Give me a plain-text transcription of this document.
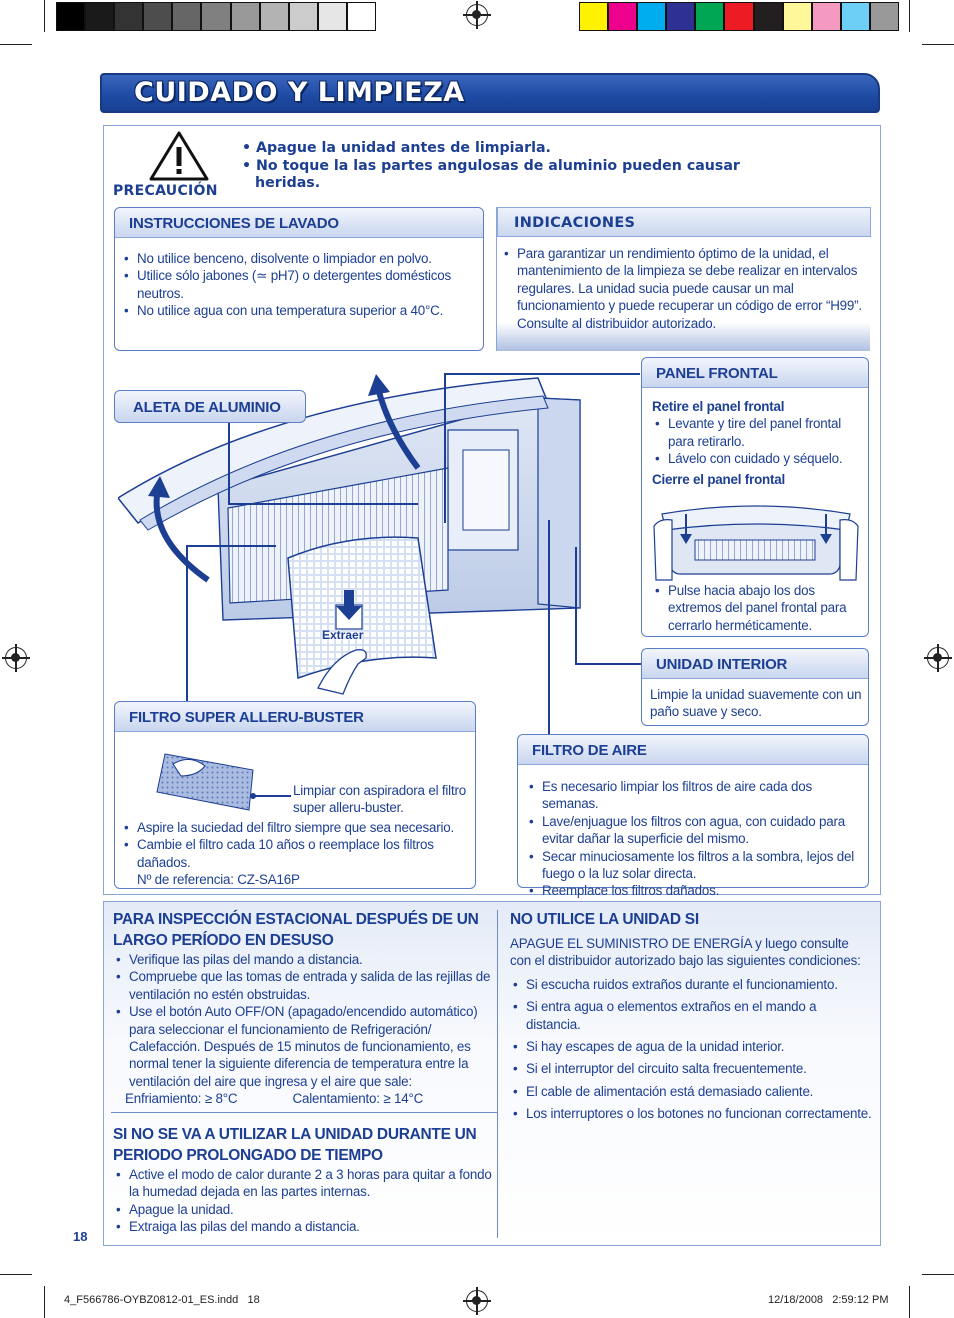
CUIDADO Y LIMPIEZA
PRECAUCIÓN
• Apague la unidad antes de limpiarla.
• No toque la las partes angulosas de aluminio pueden causar
heridas.
INSTRUCCIONES DE LAVADO
• No utilice benceno, disolvente o limpiador en polvo.
• Utilice sólo jabones (≃ pH7) o detergentes domésticos neutros.
• No utilice agua con una temperatura superior a 40°C.
INDICACIONES
• Para garantizar un rendimiento óptimo de la unidad, el mantenimiento de la limpieza se debe realizar en intervalos regulares. La unidad sucia puede causar un mal funcionamiento y puede recuperar un código de error “H99”. Consulte al distribuidor autorizado.
Extraer
ALETA DE ALUMINIO
PANEL FRONTAL
Retire el panel frontal
• Levante y tire del panel frontal para retirarlo.
• Lávelo con cuidado y séquelo.
Cierre el panel frontal
• Pulse hacia abajo los dos extremos del panel frontal para cerrarlo herméticamente.
UNIDAD INTERIOR
Limpie la unidad suavemente con un paño suave y seco.
FILTRO SUPER ALLERU-BUSTER
Limpiar con aspiradora el filtro super alleru-buster.
• Aspire la suciedad del filtro siempre que sea necesario.
• Cambie el filtro cada 10 años o reemplace los filtros dañados.
Nº de referencia: CZ-SA16P
FILTRO DE AIRE
• Es necesario limpiar los filtros de aire cada dos semanas.
• Lave/enjuague los filtros con agua, con cuidado para evitar dañar la superficie del mismo.
• Secar minuciosamente los filtros a la sombra, lejos del fuego o la luz solar directa.
• Reemplace los filtros dañados.
PARA INSPECCIÓN ESTACIONAL DESPUÉS DE UN LARGO PERÍODO EN DESUSO
• Verifique las pilas del mando a distancia.
• Compruebe que las tomas de entrada y salida de las rejillas de ventilación no estén obstruidas.
• Use el botón Auto OFF/ON (apagado/encendido automático) para seleccionar el funcionamiento de Refrigeración/ Calefacción. Después de 15 minutos de funcionamiento, es normal tener la siguiente diferencia de temperatura entre la ventilación del aire que ingresa y el aire que sale:
Enfriamiento: ≥ 8°C	Calentamiento: ≥ 14°C
SI NO SE VA A UTILIZAR LA UNIDAD DURANTE UN PERIODO PROLONGADO DE TIEMPO
• Active el modo de calor durante 2 a 3 horas para quitar a fondo la humedad dejada en las partes internas.
• Apague la unidad.
• Extraiga las pilas del mando a distancia.
NO UTILICE LA UNIDAD SI
APAGUE EL SUMINISTRO DE ENERGÍA y luego consulte con el distribuidor autorizado bajo las siguientes condiciones:
• Si escucha ruidos extraños durante el funcionamiento.
• Si entra agua o elementos extraños en el mando a distancia.
• Si hay escapes de agua de la unidad interior.
• Si el interruptor del circuito salta frecuentemente.
• El cable de alimentación está demasiado caliente.
• Los interruptores o los botones no funcionan correctamente.
18
4_F566786-OYBZ0812-01_ES.indd   18	12/18/2008   2:59:12 PM
